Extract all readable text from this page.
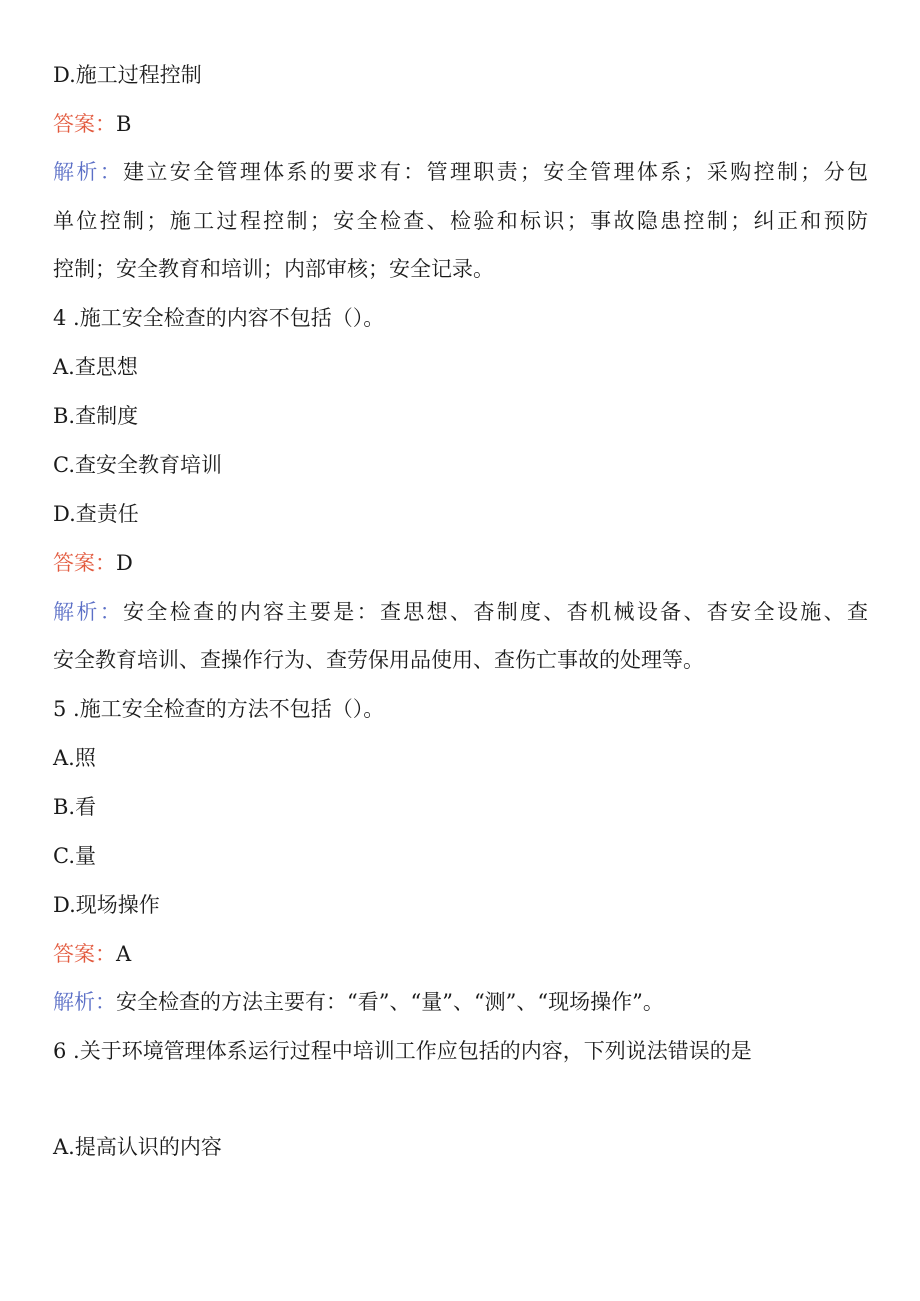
D.施工过程控制
答案：B
解析：建立安全管理体系的要求有：管理职责；安全管理体系；采购控制；分包
单位控制；施工过程控制；安全检查、检验和标识；事故隐患控制；纠正和预防
控制；安全教育和培训；内部审核；安全记录。
4 .施工安全检查的内容不包括（）。
A.查思想
B.查制度
C.查安全教育培训
D.查责任
答案：D
解析：安全检查的内容主要是：查思想、杳制度、杳机械设备、杳安全设施、查
安全教育培训、查操作行为、查劳保用品使用、查伤亡事故的处理等。
5 .施工安全检查的方法不包括（）。
A.照
B.看
C.量
D.现场操作
答案：A
解析：安全检查的方法主要有：“看”、“量”、“测”、“现场操作”。
6 .关于环境管理体系运行过程中培训工作应包括的内容，下列说法错误的是
A.提高认识的内容
